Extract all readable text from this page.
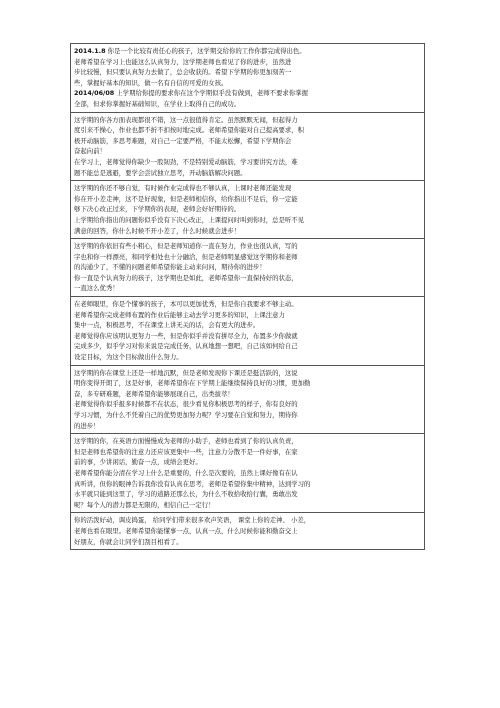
2014.1.8 你是一个比较有责任心的孩子，这学期交给你的工作你都完成得出色。
老师希望在学习上也能这么认真努力，这学期老师也看见了你的进步，虽然进
步比较慢，但只要认真努力去做了，总会收获的。希望下学期的你更加刻苦一
些，掌握好基本的知识，做一名有自信的可爱的女孩。
2014/06/08 上学期给你提的要求你在这个学期似乎没有做到，老师不要求你掌握
全部，但求你掌握好基础知识，在学业上取得自己的成功。

这学期的你各方面表现都很不错，这一点很值得肯定。虽然默默无闻，但起得力
度引来不操心，作业也都不折不扣按时地完成。老师希望你能对自己提高要求，积
极开动脑筋，多思考难题，对自己一定要严格，不能太松懈，希望下学期你会
奋起向前！
在学习上，老师觉得你缺少一股韧劲，不是特别爱动脑筋，学习要讲究方法，难
题不能总是逃避，要学会尝试独立思考，开动脑筋解决问题。

这学期的你还不够自觉，有时候作业完成得也不够认真，上课时老师还能发现
你在开小差走神，这不是好现象，但是老师相信你，给你指出不足后，你一定能
够下决心改正过来，下学期你的表现，老师会好好期待的。
上学期给你指出的问题你似乎没有下决心改正，上课提问时叫到你时，总是听不见
满意的回答，你什么时候不开小差了，什么时候就会进步！

这学期的你依旧有些小粗心，但是老师知道你一直在努力，作业也很认真，写的
字也和你一样漂亮，和同学相处也十分融洽，但是老师明显感觉这学期你和老师
的沟通少了，不懂的问题老师希望你能主动来问问，期待你的进步！
你一直是个认真努力的孩子，这学期也是如此，老师希望你一直保持好的状态，
一直这么优秀！

在老师眼里，你是个懂事的孩子，本可以更加优秀，但是你自我要求不够主动。
老师希望你完成老师布置的作业后能够主动去学习更多的知识，上课注意力
集中一点，积极思考，不在课堂上讲无关的话，会有更大的进步。
老师觉得你应该明认更努力一些，但是你似乎并没有拼尽全力，布置多少你做就
完成多少，似乎学习对你来说是完成任务，认真地想一想吧，自己该如何给自己
设定目标，为这个目标做出什么努力。

这学期的你在课堂上还是一样地沉默，但是老师发现你下课还是挺活跃的，这说
明你变得开朗了，这是好事，老师希望你在下学期上能继续保持良好的习惯，更加勤
奋，多专研难题，老师希望你能够展现自己，出类拔萃！
老师觉得你似乎报多时候都不在状态，很少看见你积极思考的样子，你有良好的
学习习惯，为什么不凭着自己的优势更加努力呢？学习要在自觉和努力，期待你
的进步！

这学期的你，在英语方面慢慢成为老师的小助手，老师也看到了你的认真负责，
但是老师也希望你的注意力还应该更集中一些，注意力分散不是一件好事，在家
前的事，少讲闲话，勤奋一点，成绩会更好。
老师希望你能分清在学习上什么是重要的，什么是次要的，虽然上课好像有在认
真听讲，但你的眼神告诉我你没有认真在思考，老师是希望你集中精神，达到学习的
水平就只能到这里了，学习的道路还那么长，为什么不收拾收拾行囊，勇敢出发
呢？每个人的潜力都是无限的，相信自己一定行！

你的活泼好动，调皮捣蛋， 给同学们带来很多欢声笑语， 课堂上你的走神、 小差，
老师也看在眼里。老师希望你能懂事一点，认真一点，什么时候你能和勤奋交上
好朋友，你就会让同学们刮目相看了。
